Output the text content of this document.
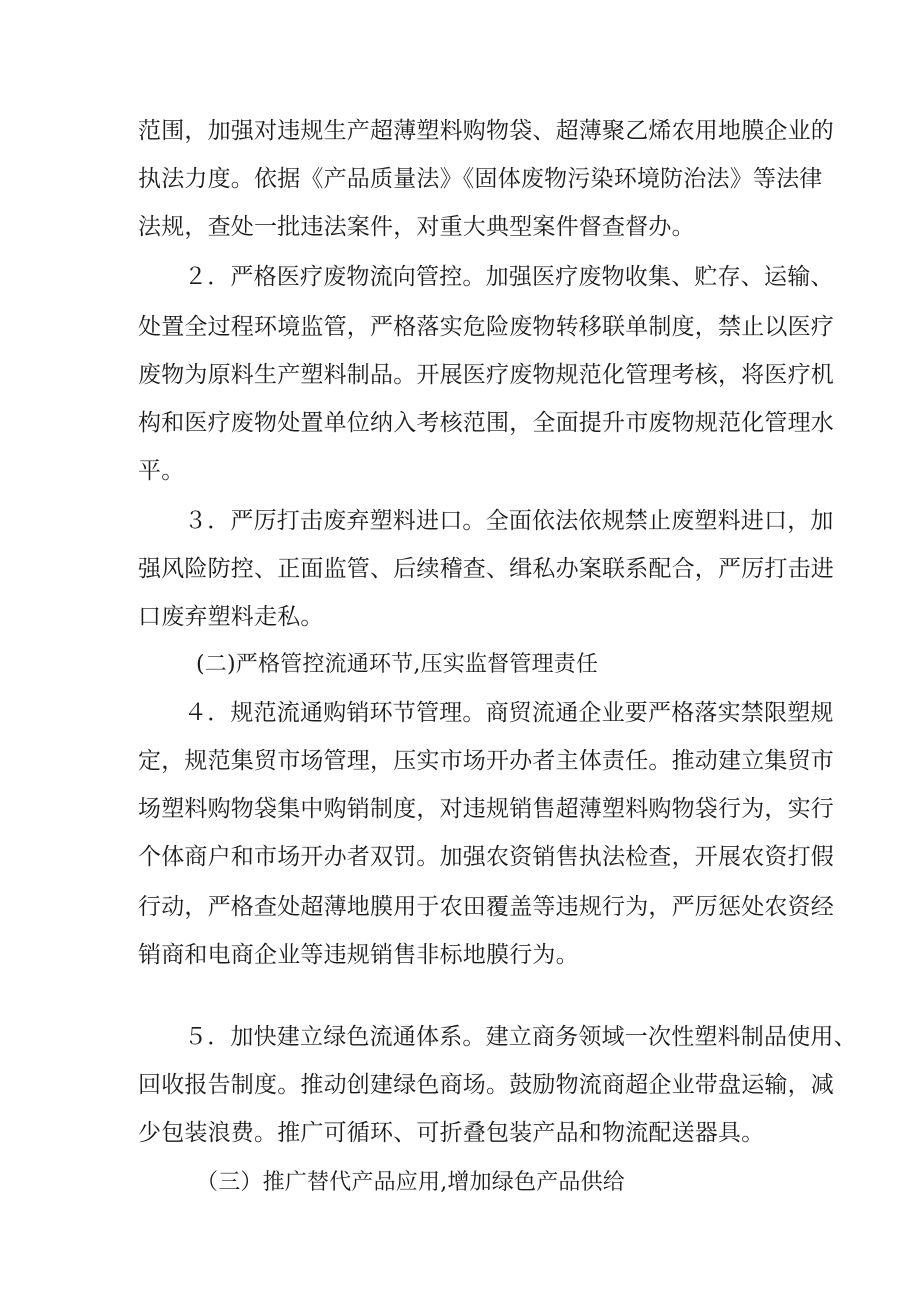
范围，加强对违规生产超薄塑料购物袋、超薄聚乙烯农用地膜企业的
执法力度。依据《产品质量法》《固体废物污染环境防治法》等法律
法规，查处一批违法案件，对重大典型案件督查督办。
２．严格医疗废物流向管控。加强医疗废物收集、贮存、运输、
处置全过程环境监管，严格落实危险废物转移联单制度，禁止以医疗
废物为原料生产塑料制品。开展医疗废物规范化管理考核，将医疗机
构和医疗废物处置单位纳入考核范围，全面提升市废物规范化管理水
平。
３．严厉打击废弃塑料进口。全面依法依规禁止废塑料进口，加
强风险防控、正面监管、后续稽查、缉私办案联系配合，严厉打击进
口废弃塑料走私。
(二)严格管控流通环节,压实监督管理责任
４．规范流通购销环节管理。商贸流通企业要严格落实禁限塑规
定，规范集贸市场管理，压实市场开办者主体责任。推动建立集贸市
场塑料购物袋集中购销制度，对违规销售超薄塑料购物袋行为，实行
个体商户和市场开办者双罚。加强农资销售执法检查，开展农资打假
行动，严格查处超薄地膜用于农田覆盖等违规行为，严厉惩处农资经
销商和电商企业等违规销售非标地膜行为。
５．加快建立绿色流通体系。建立商务领域一次性塑料制品使用、
回收报告制度。推动创建绿色商场。鼓励物流商超企业带盘运输，减
少包装浪费。推广可循环、可折叠包装产品和物流配送器具。
（三）推广替代产品应用,增加绿色产品供给
